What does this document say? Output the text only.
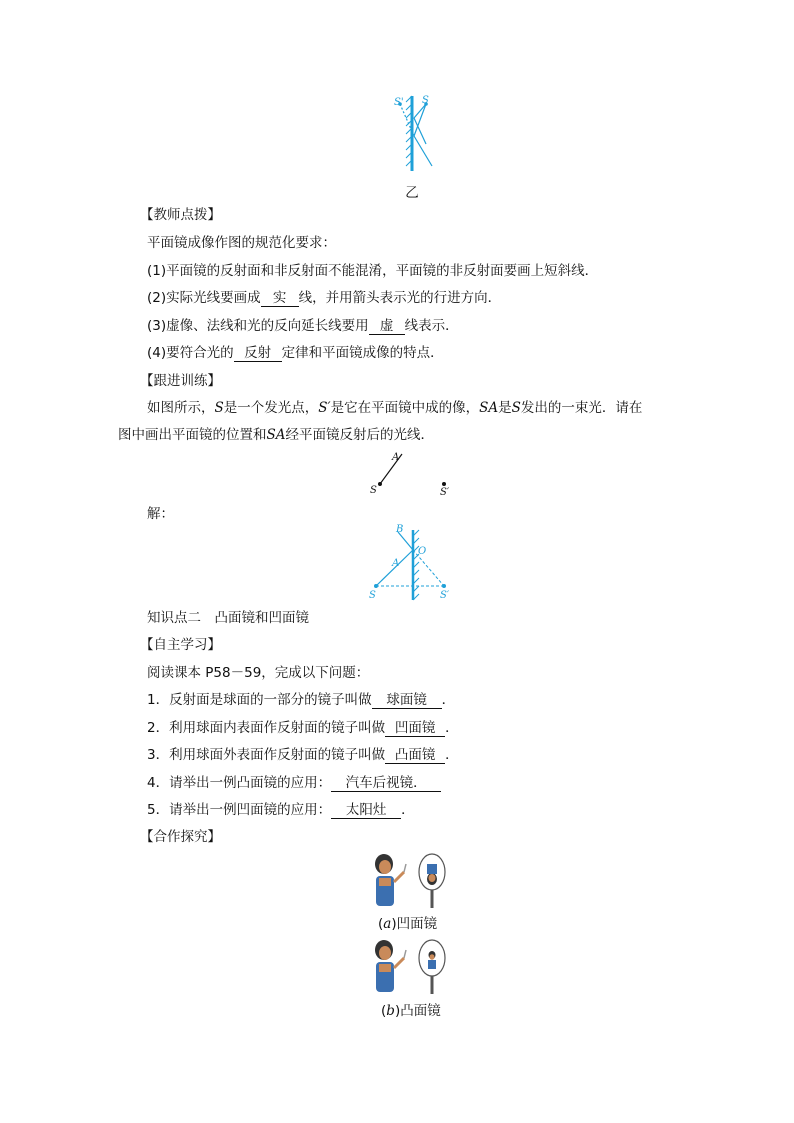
S' S
乙
【教师点拨】
平面镜成像作图的规范化要求：
(1)平面镜的反射面和非反射面不能混淆，平面镜的非反射面要画上短斜线．
(2)实际光线要画成 实 线，并用箭头表示光的行进方向．
(3)虚像、法线和光的反向延长线要用 虚 线表示．
(4)要符合光的 反射 定律和平面镜成像的特点．
【跟进训练】
如图所示，S是一个发光点，S′是它在平面镜中成的像，SA是S发出的一束光．请在
图中画出平面镜的位置和SA经平面镜反射后的光线．
A
S	S′
解：
B
O
A
S	S′
知识点二　凸面镜和凹面镜
【自主学习】
阅读课本 P58－59，完成以下问题：
1．反射面是球面的一部分的镜子叫做 球面镜 ．
2．利用球面内表面作反射面的镜子叫做 凹面镜 ．
3．利用球面外表面作反射面的镜子叫做 凸面镜 ．
4．请举出一例凸面镜的应用： 汽车后视镜．
5．请举出一例凹面镜的应用： 太阳灶 ．
【合作探究】
(a)凹面镜
(b)凸面镜
